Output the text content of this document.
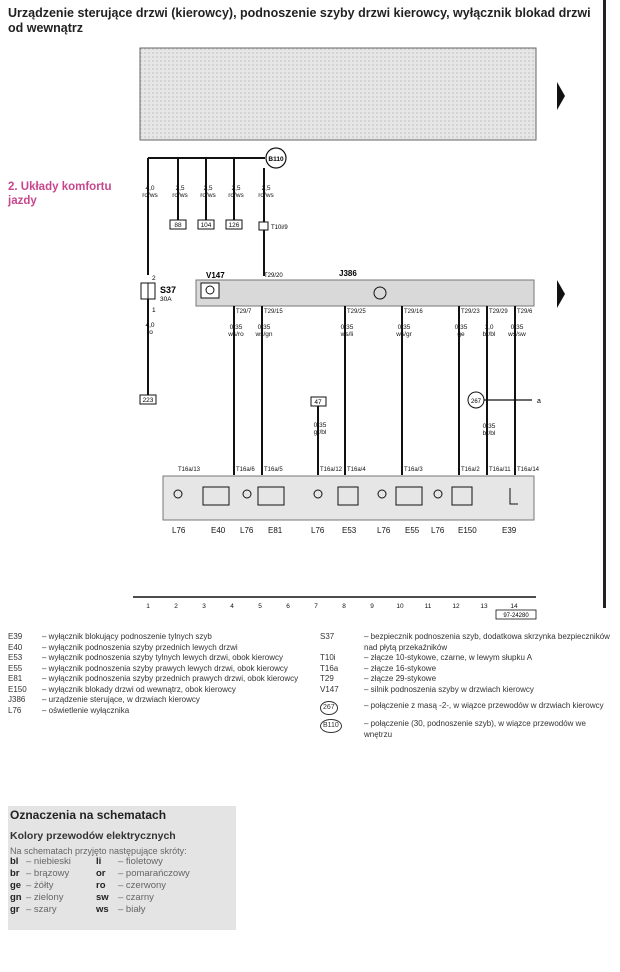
Urządzenie sterujące drzwi (kierowcy), podnoszenie szyby drzwi kierowcy, wyłącznik blokad drzwi od wewnątrz
2. Układy komfortu jazdy
B110
4,0
ro/ws
2,5
ro/ws
2,5
ro/ws
2,5
ro/ws
2,5
ro/ws
88	104	126	T10i/9
2
1
S37
30A
4,0
ro
223
V147	J386
T29/20
T29/7 T29/15	T29/25	T29/16	T29/23 T29/29 T29/6
0,35
ws/ro
0,35
ws/gn
0,35
ws/li
0,35
ws/gr
0,35
ge
1,0
br/bl
0,35
ws/sw
0,35
gr/bl
0,35
br/bl
47	267	a
T16a/13	T16a/6 T16a/5	T16a/12 T16a/4	T16a/3	T16a/2 T16a/11 T16a/14
L76	E40 L76 E81	L76 E53	L76 E55 L76 E150	E39
1	2	3	4	5	6	7	8	9	10	11	12	13	14
97-24280
E39	– wyłącznik blokujący podnoszenie tylnych szyb
E40	– wyłącznik podnoszenia szyby przednich lewych drzwi
E53	– wyłącznik podnoszenia szyby tylnych lewych drzwi, obok kierowcy
E55	– wyłącznik podnoszenia szyby prawych lewych drzwi, obok kierowcy
E81	– wyłącznik podnoszenia szyby przednich prawych drzwi, obok kierowcy
E150	– wyłącznik blokady drzwi od wewnątrz, obok kierowcy
J386	– urządzenie sterujące, w drzwiach kierowcy
L76	– oświetlenie wyłącznika
S37	– bezpiecznik podnoszenia szyb, dodatkowa skrzynka bezpieczników nad płytą przekaźników
T10i	– złącze 10-stykowe, czarne, w lewym słupku A
T16a	– złącze 16-stykowe
T29	– złącze 29-stykowe
V147	– silnik podnoszenia szyby w drzwiach kierowcy
267	– połączenie z masą -2-, w wiązce przewodów w drzwiach kierowcy
B110	– połączenie (30, podnoszenie szyb), w wiązce przewodów we wnętrzu
Oznaczenia na schematach
Kolory przewodów elektrycznych
Na schematach przyjęto następujące skróty:
bl – niebieski	li	– fioletowy
br – brązowy	or	– pomarańczowy
ge – żółty	ro	– czerwony
gn – zielony	sw – czarny
gr – szary	ws – biały
